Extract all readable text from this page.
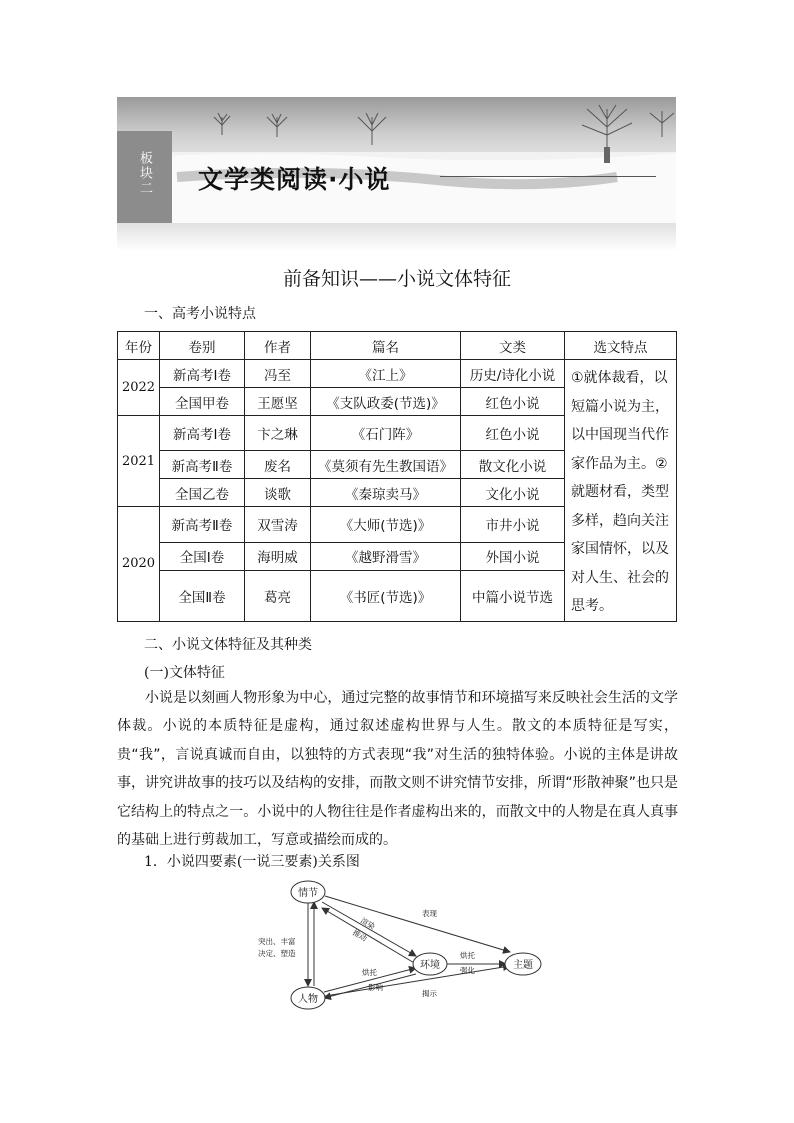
板块二	文学类阅读·小说
前备知识——小说文体特征
一、高考小说特点
年份	卷别	作者	篇名	文类	选文特点
2022	新高考Ⅰ卷	冯至	《江上》	历史/诗化小说	①就体裁看，以短篇小说为主，以中国现当代作家作品为主。②就题材看，类型多样，趋向关注家国情怀，以及对人生、社会的思考。
	全国甲卷	王愿坚	《支队政委(节选)》	红色小说	
2021	新高考Ⅰ卷	卞之琳	《石门阵》	红色小说	
	新高考Ⅱ卷	废名	《莫须有先生教国语》	散文化小说	
	全国乙卷	谈歌	《秦琼卖马》	文化小说	
2020	新高考Ⅱ卷	双雪涛	《大师(节选)》	市井小说	
	全国Ⅰ卷	海明威	《越野滑雪》	外国小说	
	全国Ⅱ卷	葛亮	《书匠(节选)》	中篇小说节选	

二、小说文体特征及其种类
(一)文体特征
小说是以刻画人物形象为中心，通过完整的故事情节和环境描写来反映社会生活的文学体裁。小说的本质特征是虚构，通过叙述虚构世界与人生。散文的本质特征是写实，贵“我”，言说真诚而自由，以独特的方式表现“我”对生活的独特体验。小说的主体是讲故事，讲究讲故事的技巧以及结构的安排，而散文则不讲究情节安排，所谓“形散神聚”也只是它结构上的特点之一。小说中的人物往往是作者虚构出来的，而散文中的人物是在真人真事的基础上进行剪裁加工，写意或描绘而成的。
1．小说四要素(一说三要素)关系图
情节
人物
环境	主题
突出、丰富
决定、塑造
表现
揭示
烘托
强化
烘托
影响
渲染
推动
